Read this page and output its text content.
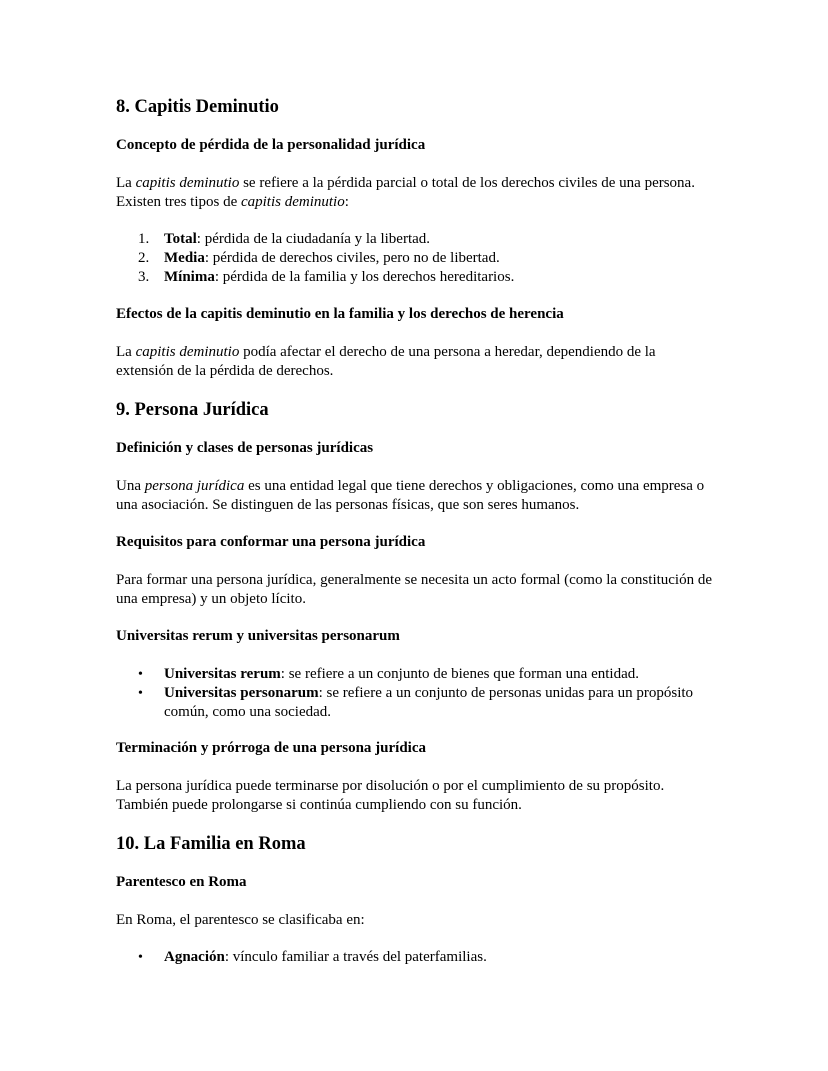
8. Capitis Deminutio
Concepto de pérdida de la personalidad jurídica

La capitis deminutio se refiere a la pérdida parcial o total de los derechos civiles de una persona. Existen tres tipos de capitis deminutio:

1. Total: pérdida de la ciudadanía y la libertad.
2. Media: pérdida de derechos civiles, pero no de libertad.
3. Mínima: pérdida de la familia y los derechos hereditarios.
Efectos de la capitis deminutio en la familia y los derechos de herencia

La capitis deminutio podía afectar el derecho de una persona a heredar, dependiendo de la extensión de la pérdida de derechos.

9. Persona Jurídica
Definición y clases de personas jurídicas

Una persona jurídica es una entidad legal que tiene derechos y obligaciones, como una empresa o una asociación. Se distinguen de las personas físicas, que son seres humanos.

Requisitos para conformar una persona jurídica

Para formar una persona jurídica, generalmente se necesita un acto formal (como la constitución de una empresa) y un objeto lícito.

Universitas rerum y universitas personarum
• Universitas rerum: se refiere a un conjunto de bienes que forman una entidad.
• Universitas personarum: se refiere a un conjunto de personas unidas para un propósito común, como una sociedad.
Terminación y prórroga de una persona jurídica

La persona jurídica puede terminarse por disolución o por el cumplimiento de su propósito. También puede prolongarse si continúa cumpliendo con su función.

10. La Familia en Roma
Parentesco en Roma

En Roma, el parentesco se clasificaba en:

• Agnación: vínculo familiar a través del paterfamilias.
